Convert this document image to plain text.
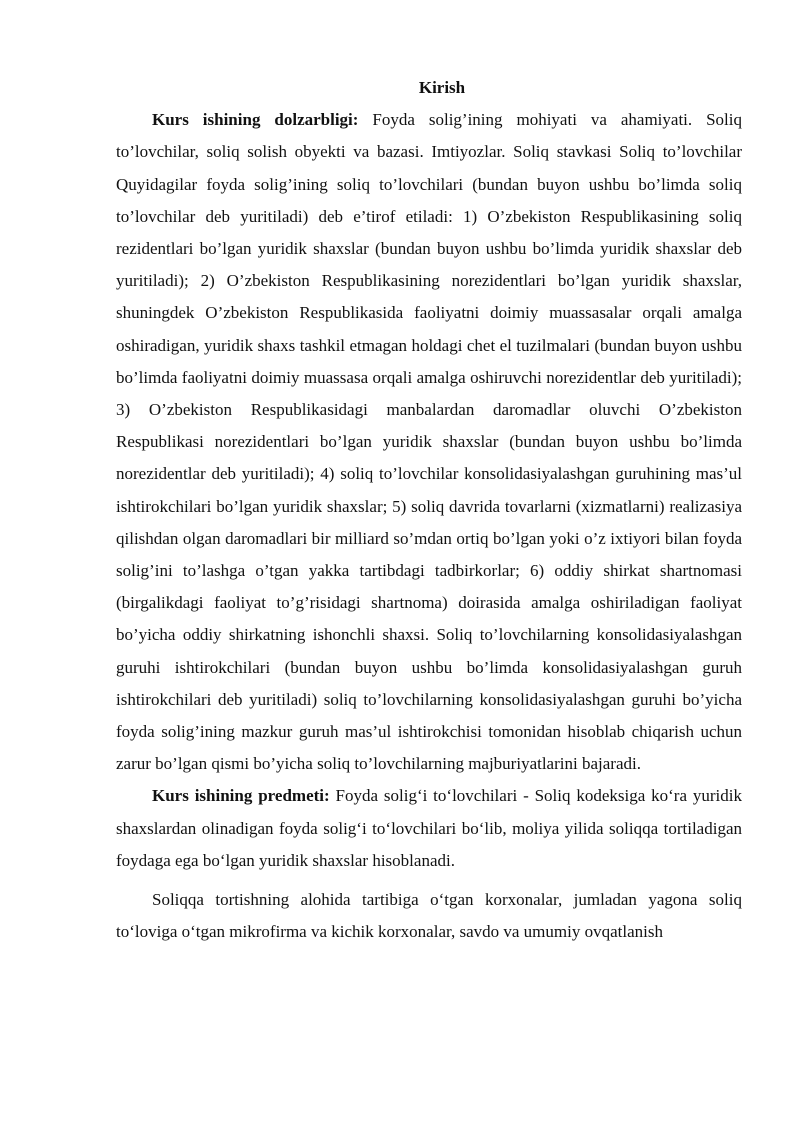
Kirish

Kurs ishining dolzarbligi: Foyda solig’ining mohiyati va ahamiyati. Soliq to’lovchilar, soliq solish obyekti va bazasi. Imtiyozlar. Soliq stavkasi Soliq to’lovchilar Quyidagilar foyda solig’ining soliq to’lovchilari (bundan buyon ushbu bo’limda soliq to’lovchilar deb yuritiladi) deb e’tirof etiladi: 1) O’zbekiston Respublikasining soliq rezidentlari bo’lgan yuridik shaxslar (bundan buyon ushbu bo’limda yuridik shaxslar deb yuritiladi); 2) O’zbekiston Respublikasining norezidentlari bo’lgan yuridik shaxslar, shuningdek O’zbekiston Respublikasida faoliyatni doimiy muassasalar orqali amalga oshiradigan, yuridik shaxs tashkil etmagan holdagi chet el tuzilmalari (bundan buyon ushbu bo’limda faoliyatni doimiy muassasa orqali amalga oshiruvchi norezidentlar deb yuritiladi); 3) O’zbekiston Respublikasidagi manbalardan daromadlar oluvchi O’zbekiston Respublikasi norezidentlari bo’lgan yuridik shaxslar (bundan buyon ushbu bo’limda norezidentlar deb yuritiladi); 4) soliq to’lovchilar konsolidasiyalashgan guruhining mas’ul ishtirokchilari bo’lgan yuridik shaxslar; 5) soliq davrida tovarlarni (xizmatlarni) realizasiya qilishdan olgan daromadlari bir milliard so’mdan ortiq bo’lgan yoki o’z ixtiyori bilan foyda solig’ini to’lashga o’tgan yakka tartibdagi tadbirkorlar; 6) oddiy shirkat shartnomasi (birgalikdagi faoliyat to’g’risidagi shartnoma) doirasida amalga oshiriladigan faoliyat bo’yicha oddiy shirkatning ishonchli shaxsi. Soliq to’lovchilarning konsolidasiyalashgan guruhi ishtirokchilari (bundan buyon ushbu bo’limda konsolidasiyalashgan guruh ishtirokchilari deb yuritiladi) soliq to’lovchilarning konsolidasiyalashgan guruhi bo’yicha foyda solig’ining mazkur guruh mas’ul ishtirokchisi tomonidan hisoblab chiqarish uchun zarur bo’lgan qismi bo’yicha soliq to’lovchilarning majburiyatlarini bajaradi.

Kurs ishining predmeti: Foyda solig‘i to‘lovchilari - Soliq kodeksiga ko‘ra yuridik shaxslardan olinadigan foyda solig‘i to‘lovchilari bo‘lib, moliya yilida soliqqa tortiladigan foydaga ega bo‘lgan yuridik shaxslar hisoblanadi.

Soliqqa tortishning alohida tartibiga o‘tgan korxonalar, jumladan yagona soliq to‘loviga o‘tgan mikrofirma va kichik korxonalar, savdo va umumiy ovqatlanish
